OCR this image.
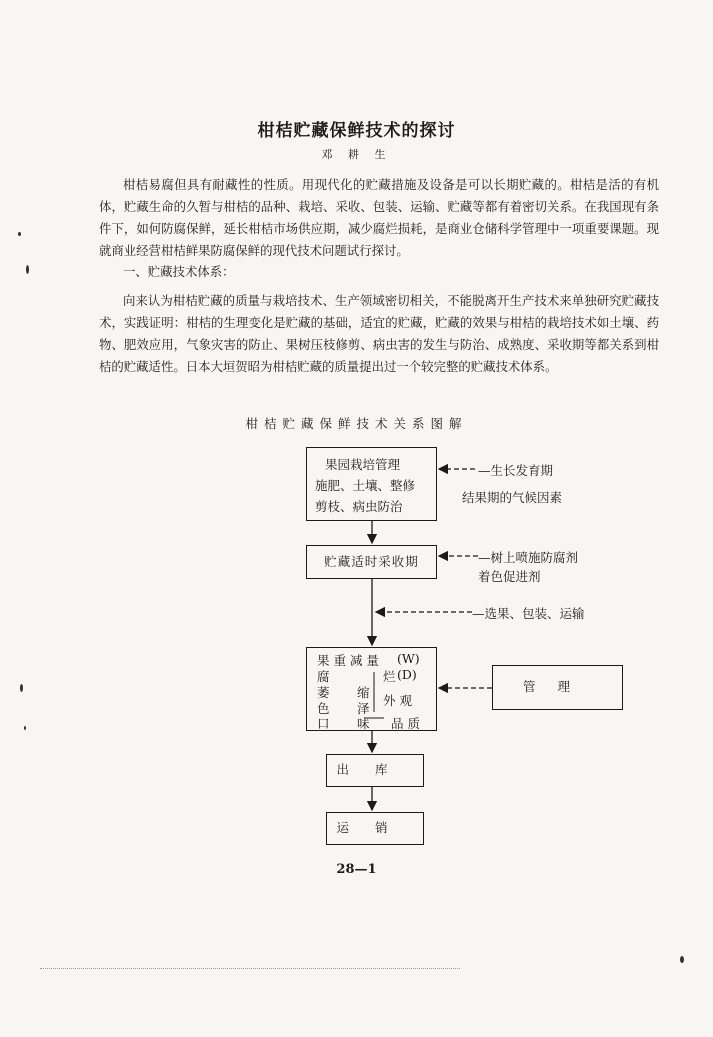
柑桔贮藏保鲜技术的探讨
邓 耕 生
柑桔易腐但具有耐藏性的性质。用现代化的贮藏措施及设备是可以长期贮藏的。柑桔是活的有机体，贮藏生命的久暂与柑桔的品种、栽培、采收、包装、运输、贮藏等都有着密切关系。在我国现有条件下，如何防腐保鲜，延长柑桔市场供应期，减少腐烂损耗，是商业仓储科学管理中一项重要课题。现就商业经营柑桔鲜果防腐保鲜的现代技术问题试行探讨。
一、贮藏技术体系：
向来认为柑桔贮藏的质量与栽培技术、生产领域密切相关，不能脱离开生产技术来单独研究贮藏技术，实践证明：柑桔的生理变化是贮藏的基础，适宜的贮藏，贮藏的效果与柑桔的栽培技术如土壤、药物、肥效应用，气象灾害的防止、果树压枝修剪、病虫害的发生与防治、成熟度、采收期等都关系到柑桔的贮藏适性。日本大垣贺昭为柑桔贮藏的质量提出过一个较完整的贮藏技术体系。
柑桔贮藏保鲜技术关系图解
果园栽培管理
施肥、土壤、整修
剪枝、病虫防治
—生长发育期
结果期的气候因素
贮藏适时采收期	—树上喷施防腐剂
着色促进剂
—选果、包装、运输
果 重 减 量 (W)
腐	烂 (D)
萎 缩
外 观
色 泽
口 味 品 质
管理
出库
运销
28—1
